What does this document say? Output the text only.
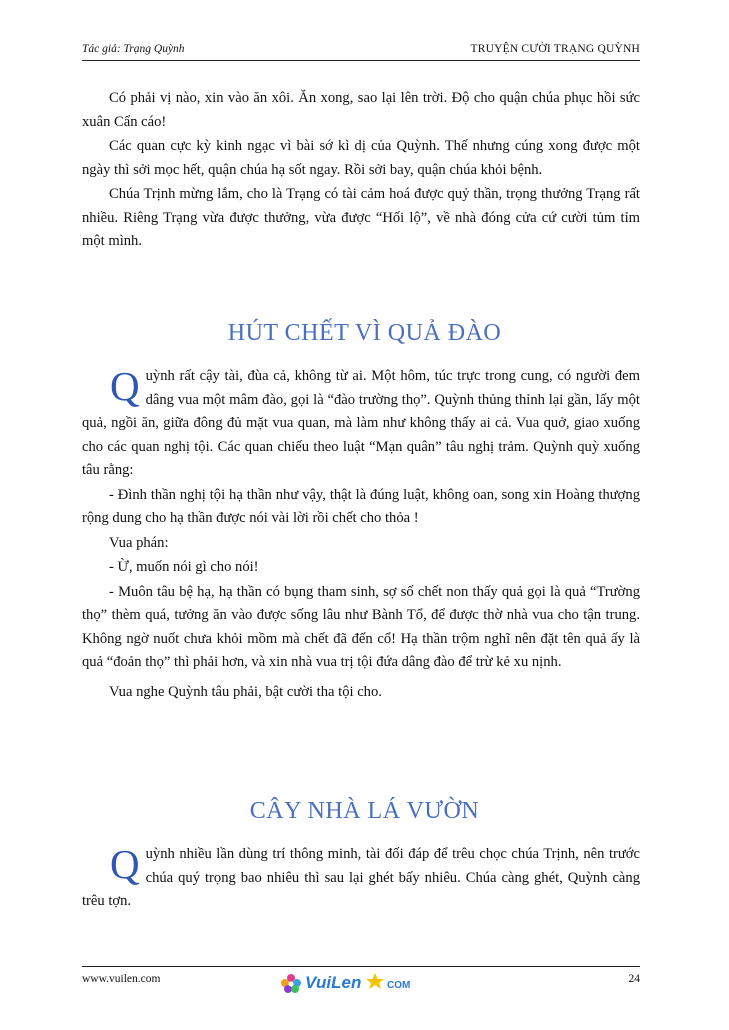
Tác giả: Trạng Quỳnh	TRUYỆN CƯỜI TRẠNG QUỲNH

Có phải vị nào, xin vào ăn xôi. Ăn xong, sao lại lên trời. Độ cho quận chúa phục hồi sức xuân Cẩn cáo!

Các quan cực kỳ kinh ngạc vì bài sớ kì dị của Quỳnh. Thế nhưng cúng xong được một ngày thì sởi mọc hết, quận chúa hạ sốt ngay. Rồi sởi bay, quận chúa khỏi bệnh.

Chúa Trịnh mừng lắm, cho là Trạng có tài cảm hoá được quỷ thần, trọng thưởng Trạng rất nhiều. Riêng Trạng vừa được thưởng, vừa được “Hối lộ”, về nhà đóng cửa cứ cười tủm tỉm một mình.

HÚT CHẾT VÌ QUẢ ĐÀO

Quỳnh rất cậy tài, đùa cả, không từ ai. Một hôm, túc trực trong cung, có người đem dâng vua một mâm đào, gọi là “đào trường thọ”. Quỳnh thủng thỉnh lại gần, lấy một quả, ngồi ăn, giữa đông đủ mặt vua quan, mà làm như không thấy ai cả. Vua quở, giao xuống cho các quan nghị tội. Các quan chiếu theo luật “Mạn quân” tâu nghị trảm. Quỳnh quỳ xuống tâu rằng:

- Đình thần nghị tội hạ thần như vậy, thật là đúng luật, không oan, song xin Hoàng thượng rộng dung cho hạ thần được nói vài lời rồi chết cho thỏa !

Vua phán:

- Ừ, muốn nói gì cho nói!

- Muôn tâu bệ hạ, hạ thần có bụng tham sinh, sợ số chết non thấy quả gọi là quả “Trường thọ” thèm quá, tưởng ăn vào được sống lâu như Bành Tổ, để được thờ nhà vua cho tận trung. Không ngờ nuốt chưa khỏi mồm mà chết đã đến cổ! Hạ thần trộm nghĩ nên đặt tên quả ấy là quả “đoản thọ” thì phải hơn, và xin nhà vua trị tội đứa dâng đào để trừ kẻ xu nịnh.

Vua nghe Quỳnh tâu phải, bật cười tha tội cho.

CÂY NHÀ LÁ VƯỜN

Quỳnh nhiều lần dùng trí thông minh, tài đối đáp để trêu chọc chúa Trịnh, nên trước chúa quý trọng bao nhiêu thì sau lại ghét bấy nhiêu. Chúa càng ghét, Quỳnh càng trêu tợn.

www.vuilen.com	VuiLen	COM
24
